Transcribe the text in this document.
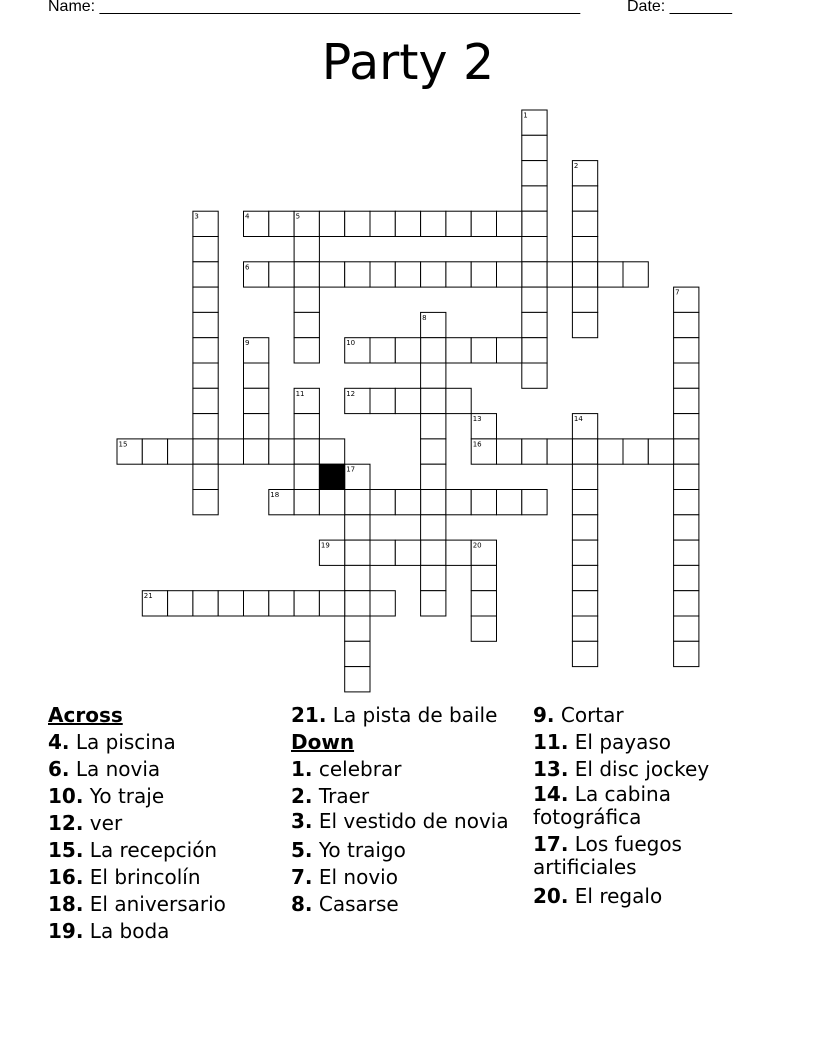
Name: ______________________________________________________	Date: _______
Party 2
1
2
3	4	5
6
7
8
9	10
11	12
13	14
15	16
17
18
19	20
21
Across
4. La piscina
6. La novia
10. Yo traje
12. ver
15. La recepción
16. El brincolín
18. El aniversario
19. La boda
21. La pista de baile
Down
1. celebrar
2. Traer
3. El vestido de novia
5. Yo traigo
7. El novio
8. Casarse
9. Cortar
11. El payaso
13. El disc jockey
14. La cabina fotográfica
17. Los fuegos artificiales
20. El regalo
